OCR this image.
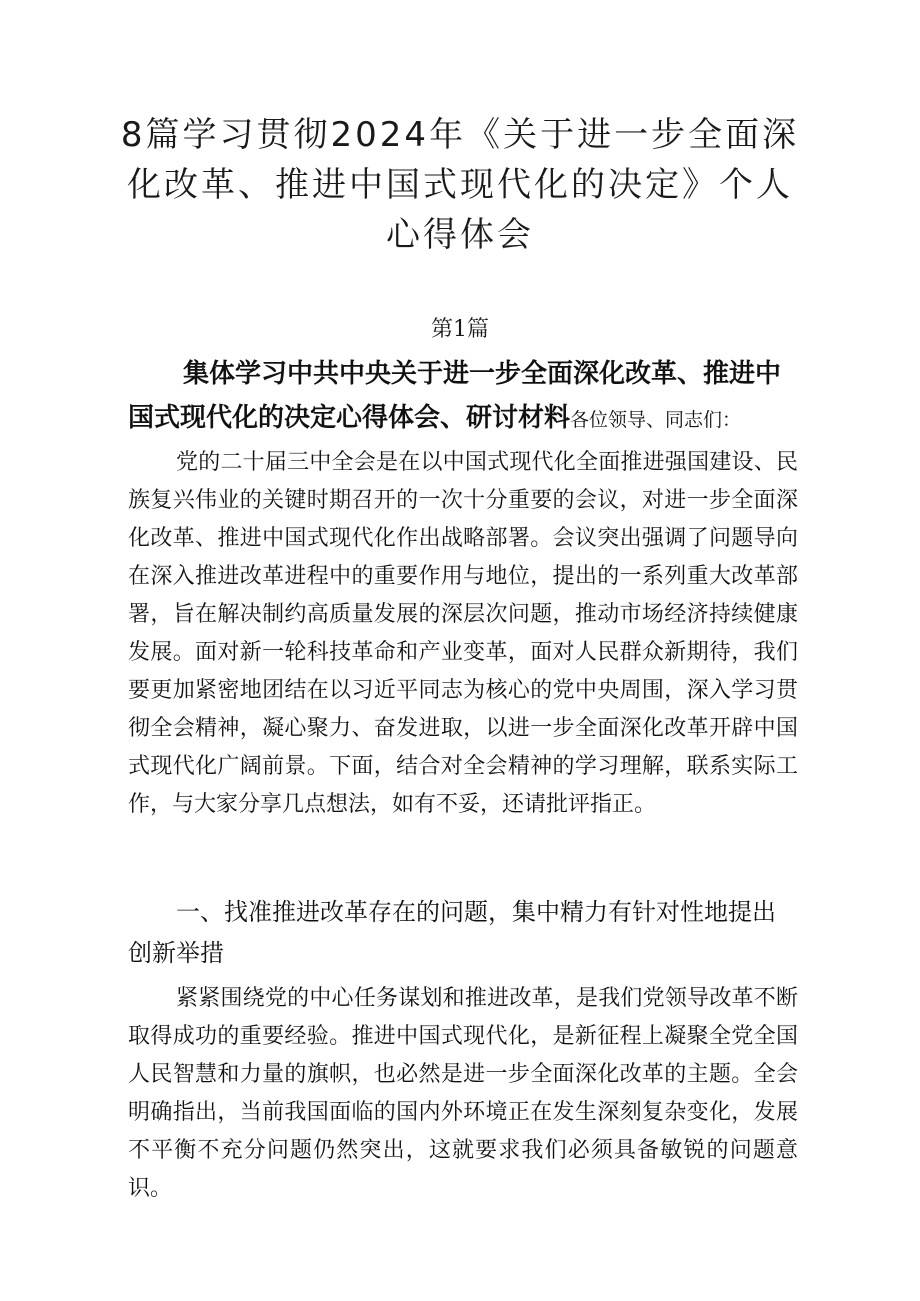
8篇学习贯彻2024年《关于进一步全面深化改革、推进中国式现代化的决定》个人心得体会
第1篇
集体学习中共中央关于进一步全面深化改革、推进中国式现代化的决定心得体会、研讨材料各位领导、同志们：

党的二十届三中全会是在以中国式现代化全面推进强国建设、民族复兴伟业的关键时期召开的一次十分重要的会议，对进一步全面深化改革、推进中国式现代化作出战略部署。会议突出强调了问题导向在深入推进改革进程中的重要作用与地位，提出的一系列重大改革部署，旨在解决制约高质量发展的深层次问题，推动市场经济持续健康发展。面对新一轮科技革命和产业变革，面对人民群众新期待，我们要更加紧密地团结在以习近平同志为核心的党中央周围，深入学习贯彻全会精神，凝心聚力、奋发进取，以进一步全面深化改革开辟中国式现代化广阔前景。下面，结合对全会精神的学习理解，联系实际工作，与大家分享几点想法，如有不妥，还请批评指正。

一、找准推进改革存在的问题，集中精力有针对性地提出创新举措

紧紧围绕党的中心任务谋划和推进改革，是我们党领导改革不断取得成功的重要经验。推进中国式现代化，是新征程上凝聚全党全国人民智慧和力量的旗帜，也必然是进一步全面深化改革的主题。全会明确指出，当前我国面临的国内外环境正在发生深刻复杂变化，发展不平衡不充分问题仍然突出，这就要求我们必须具备敏锐的问题意识。
